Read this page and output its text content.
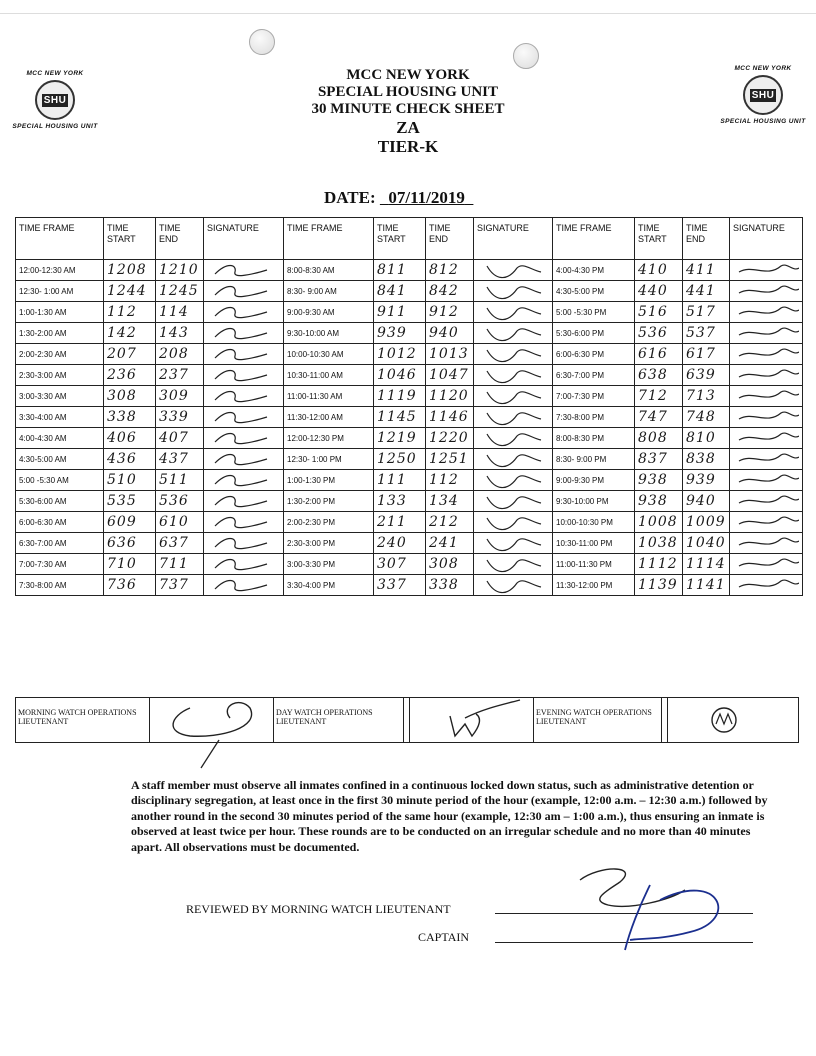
MCC NEW YORK
SHU
SPECIAL HOUSING UNIT
MCC NEW YORK
SHU
SPECIAL HOUSING UNIT
MCC NEW YORK
SPECIAL HOUSING UNIT
30 MINUTE CHECK SHEET
ZA
TIER-K
DATE: 07/11/2019
TIME FRAME	TIME START	TIME END	SIGNATURE	TIME FRAME	TIME START	TIME END	SIGNATURE	TIME FRAME	TIME START	TIME END	SIGNATURE
12:00-12:30 AM	1208	1210		8:00-8:30 AM	811	812		4:00-4:30 PM	410	411	

12:30- 1:00 AM	1244	1245		8:30- 9:00 AM	841	842		4:30-5:00 PM	440	441	

1:00-1:30 AM	112	114		9:00-9:30 AM	911	912		5:00 -5:30 PM	516	517	

1:30-2:00 AM	142	143		9:30-10:00 AM	939	940		5:30-6:00 PM	536	537	

2:00-2:30 AM	207	208		10:00-10:30 AM	1012	1013		6:00-6:30 PM	616	617	

2:30-3:00 AM	236	237		10:30-11:00 AM	1046	1047		6:30-7:00 PM	638	639	

3:00-3:30 AM	308	309		11:00-11:30 AM	1119	1120		7:00-7:30 PM	712	713	

3:30-4:00 AM	338	339		11:30-12:00 AM	1145	1146		7:30-8:00 PM	747	748	

4:00-4:30 AM	406	407		12:00-12:30 PM	1219	1220		8:00-8:30 PM	808	810	

4:30-5:00 AM	436	437		12:30- 1:00 PM	1250	1251		8:30- 9:00 PM	837	838	

5:00 -5:30 AM	510	511		1:00-1:30 PM	111	112		9:00-9:30 PM	938	939	

5:30-6:00 AM	535	536		1:30-2:00 PM	133	134		9:30-10:00 PM	938	940	

6:00-6:30 AM	609	610		2:00-2:30 PM	211	212		10:00-10:30 PM	1008	1009	

6:30-7:00 AM	636	637		2:30-3:00 PM	240	241		10:30-11:00 PM	1038	1040	

7:00-7:30 AM	710	711		3:00-3:30 PM	307	308		11:00-11:30 PM	1112	1114	

7:30-8:00 AM	736	737		3:30-4:00 PM	337	338		11:30-12:00 PM	1139	1141	
MORNING WATCH OPERATIONS LIEUTENANT
DAY WATCH OPERATIONS LIEUTENANT
EVENING WATCH OPERATIONS LIEUTENANT
A staff member must observe all inmates confined in a continuous locked down status, such as administrative detention or disciplinary segregation, at least once in the first 30 minute period of the hour (example, 12:00 a.m. – 12:30 a.m.) followed by another round in the second 30 minutes period of the same hour (example, 12:30 am – 1:00 a.m.), thus ensuring an inmate is observed at least twice per hour. These rounds are to be conducted on an irregular schedule and no more than 40 minutes apart. All observations must be documented.
REVIEWED BY MORNING WATCH LIEUTENANT
CAPTAIN
